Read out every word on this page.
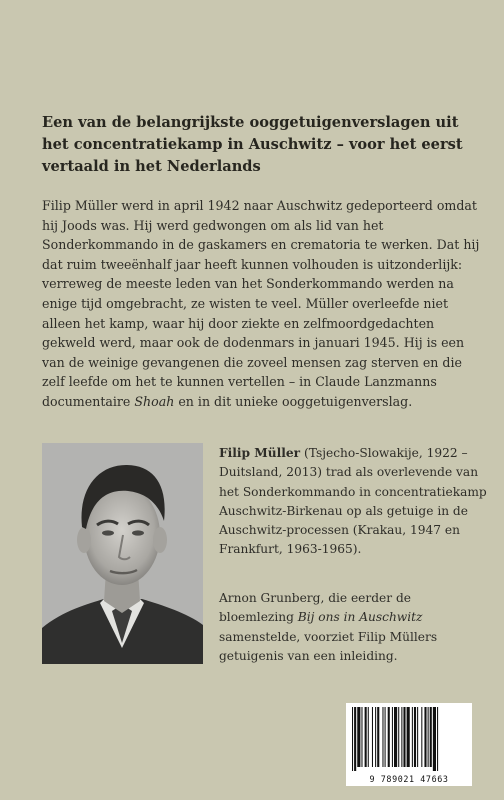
Een van de belangrijkste ooggetuigenverslagen uit het concentratiekamp in Auschwitz – voor het eerst vertaald in het Nederlands
Filip Müller werd in april 1942 naar Auschwitz gedeporteerd omdat hij Joods was. Hij werd gedwongen om als lid van het Sonderkommando in de gaskamers en crematoria te werken. Dat hij dat ruim tweeënhalf jaar heeft kunnen volhouden is uitzonderlijk: verreweg de meeste leden van het Sonderkommando werden na enige tijd omgebracht, ze wisten te veel. Müller overleefde niet alleen het kamp, waar hij door ziekte en zelfmoordgedachten gekweld werd, maar ook de dodenmars in januari 1945. Hij is een van de weinige gevangenen die zoveel mensen zag sterven en die zelf leefde om het te kunnen vertellen – in Claude Lanzmanns documentaire Shoah en in dit unieke ooggetuigenverslag.
Filip Müller (Tsjecho-Slowakije, 1922 – Duitsland, 2013) trad als overlevende van het Sonderkommando in concentratiekamp Auschwitz-Birkenau op als getuige in de Auschwitz-processen (Krakau, 1947 en Frankfurt, 1963-1965).
Arnon Grunberg, die eerder de bloemlezing Bij ons in Auschwitz samenstelde, voorziet Filip Müllers getuigenis van een inleiding.
9 789021 47663
